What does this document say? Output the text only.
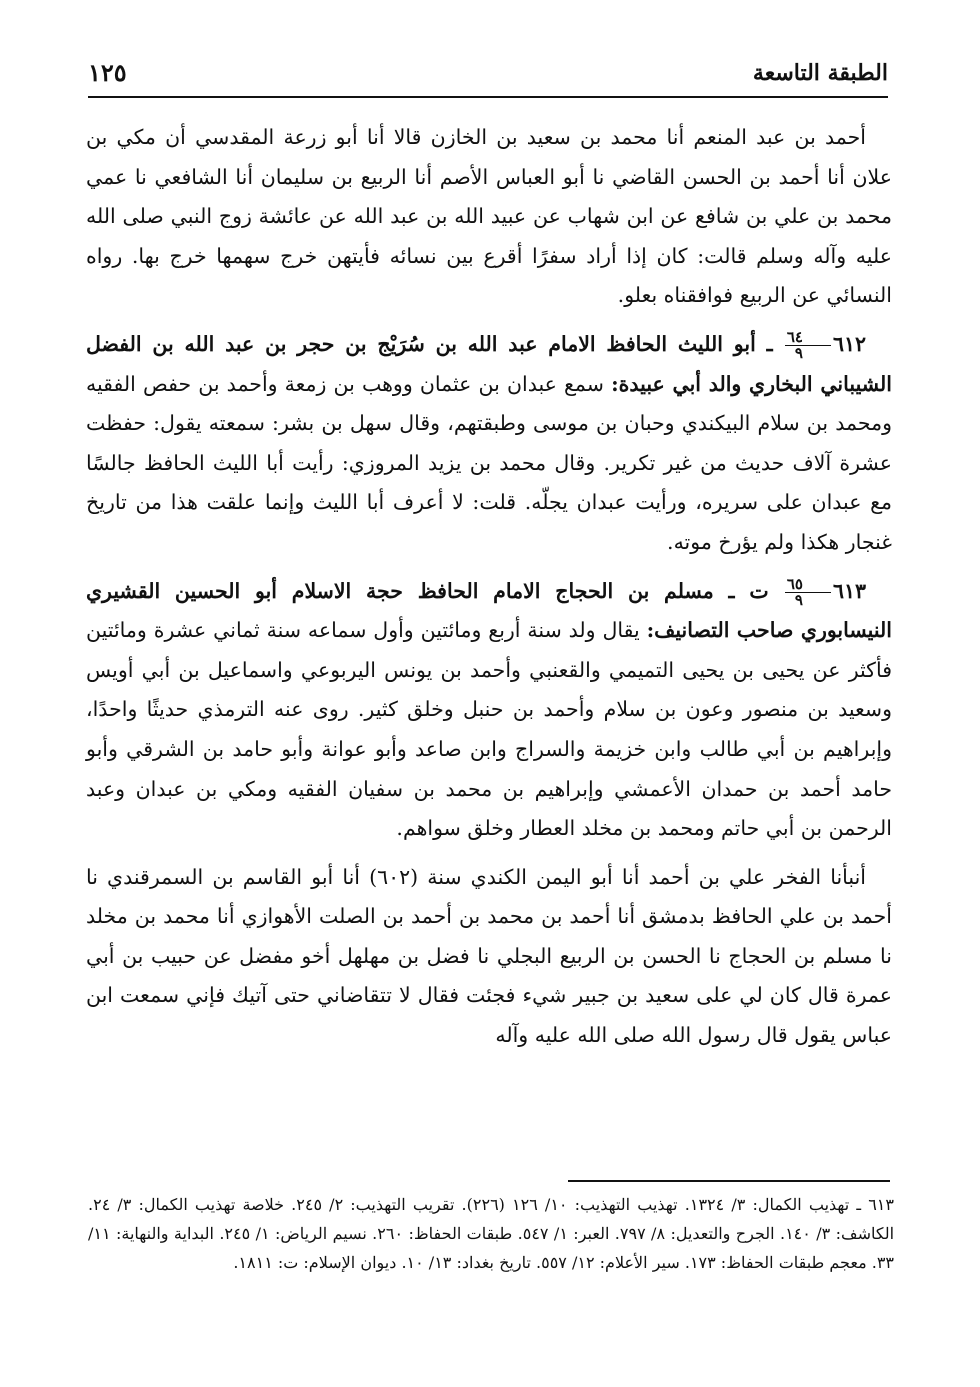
الطبقة التاسعة
١٢٥

أحمد بن عبد المنعم أنا محمد بن سعيد بن الخازن قالا أنا أبو زرعة المقدسي أن مكي بن علان أنا أحمد بن الحسن القاضي نا أبو العباس الأصم أنا الربيع بن سليمان أنا الشافعي نا عمي محمد بن علي بن شافع عن ابن شهاب عن عبيد الله بن عبد الله عن عائشة زوج النبي صلى الله عليه وآله وسلم قالت: كان إذا أراد سفرًا أقرع بين نسائه فأيتهن خرج سهمها خرج بها. رواه النسائي عن الربيع فوافقناه بعلو.

٦١٢
$\frac{٦٤}{٩}$
ـ أبو الليث الحافظ الامام عبد الله بن سُرَيْج بن حجر بن عبد الله بن الفضل الشيباني البخاري والد أبي عبيدة: سمع عبدان بن عثمان ووهب بن زمعة وأحمد بن حفص الفقيه ومحمد بن سلام البيكندي وحبان بن موسى وطبقتهم، وقال سهل بن بشر: سمعته يقول: حفظت عشرة آلاف حديث من غير تكرير. وقال محمد بن يزيد المروزي: رأيت أبا الليث الحافظ جالسًا مع عبدان على سريره، ورأيت عبدان يجلّه. قلت: لا أعرف أبا الليث وإنما علقت هذا من تاريخ غنجار هكذا ولم يؤرخ موته.

٦١٣
$\frac{٦٥}{٩}$
ت ـ مسلم بن الحجاج الامام الحافظ حجة الاسلام أبو الحسين القشيري النيسابوري صاحب التصانيف: يقال ولد سنة أربع ومائتين وأول سماعه سنة ثماني عشرة ومائتين فأكثر عن يحيى بن يحيى التميمي والقعنبي وأحمد بن يونس اليربوعي واسماعيل بن أبي أويس وسعيد بن منصور وعون بن سلام وأحمد بن حنبل وخلق كثير. روى عنه الترمذي حديثًا واحدًا، وإبراهيم بن أبي طالب وابن خزيمة والسراج وابن صاعد وأبو عوانة وأبو حامد بن الشرقي وأبو حامد أحمد بن حمدان الأعمشي وإبراهيم بن محمد بن سفيان الفقيه ومكي بن عبدان وعبد الرحمن بن أبي حاتم ومحمد بن مخلد العطار وخلق سواهم.

أنبأنا الفخر علي بن أحمد أنا أبو اليمن الكندي سنة (٦٠٢) أنا أبو القاسم بن السمرقندي نا أحمد بن علي الحافظ بدمشق أنا أحمد بن محمد بن أحمد بن الصلت الأهوازي أنا محمد بن مخلد نا مسلم بن الحجاج نا الحسن بن الربيع البجلي نا فضل بن مهلهل أخو مفضل عن حبيب بن أبي عمرة قال كان لي على سعيد بن جبير شيء فجئت فقال لا تتقاضاني حتى آتيك فإني سمعت ابن عباس يقول قال رسول الله صلى الله عليه وآله

٦١٣ ـ تهذيب الكمال: ٣/ ١٣٢٤. تهذيب التهذيب: ١٠/ ١٢٦ (٢٢٦). تقريب التهذيب: ٢/ ٢٤٥. خلاصة تهذيب الكمال: ٣/ ٢٤. الكاشف: ٣/ ١٤٠. الجرح والتعديل: ٨/ ٧٩٧. العبر: ١/ ٥٤٧. طبقات الحفاظ: ٢٦٠. نسيم الرياض: ١/ ٢٤٥. البداية والنهاية: ١١/ ٣٣. معجم طبقات الحفاظ: ١٧٣. سير الأعلام: ١٢/ ٥٥٧. تاريخ بغداد: ١٣/ ١٠. ديوان الإسلام: ت: ١٨١١.
